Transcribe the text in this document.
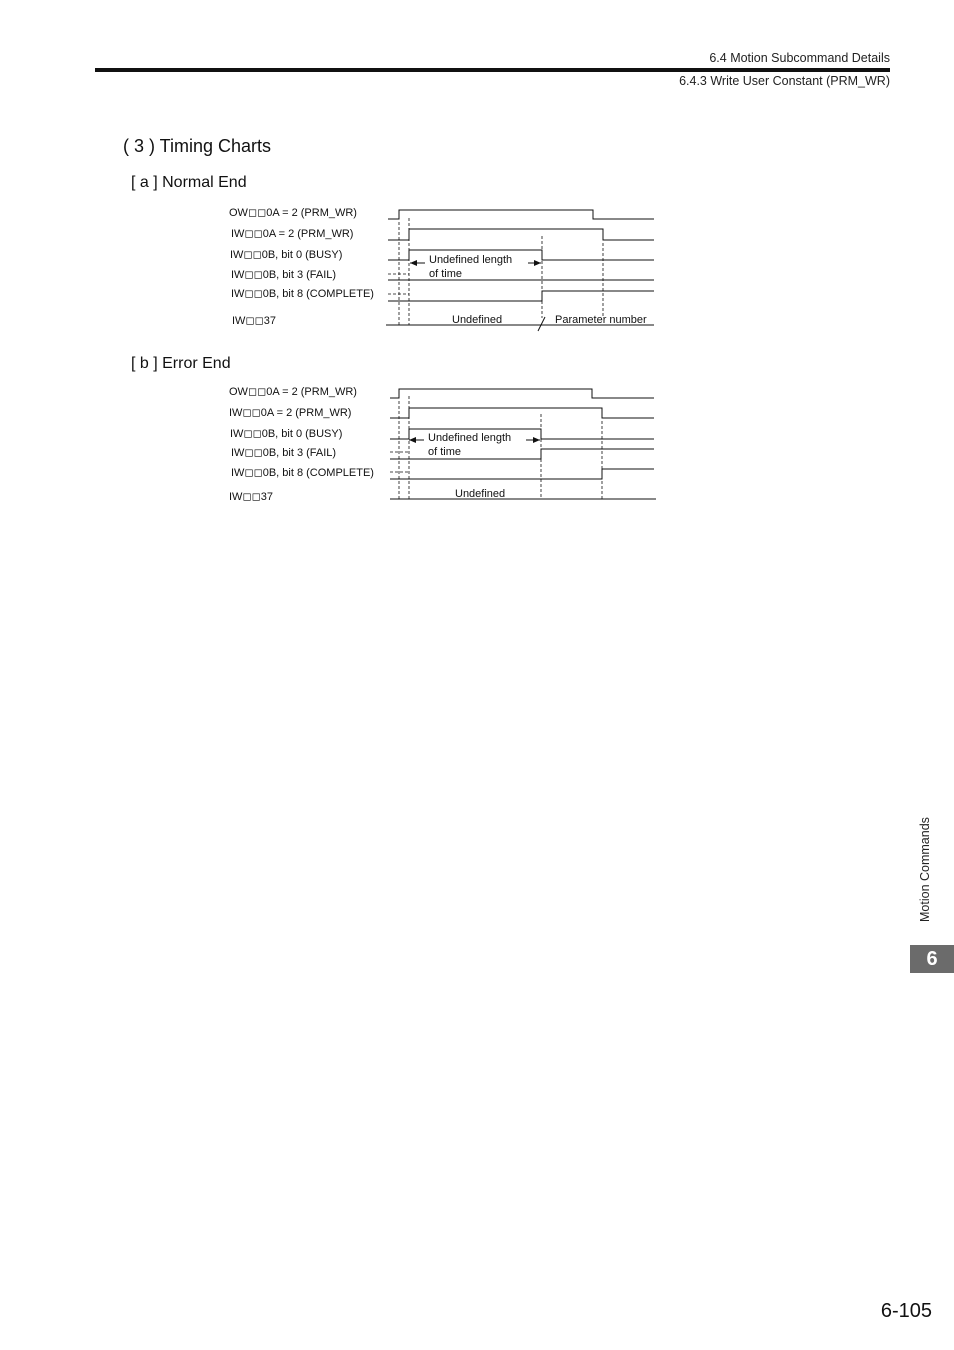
6.4 Motion Subcommand Details
6.4.3 Write User Constant (PRM_WR)
( 3 ) Timing Charts
[ a ] Normal End
OW◻◻0A = 2 (PRM_WR)
IW◻◻0A = 2 (PRM_WR)
IW◻◻0B, bit 0 (BUSY)
IW◻◻0B, bit 3 (FAIL)
IW◻◻0B, bit 8 (COMPLETE)
IW◻◻37
Undefined length
of time
Undefined	Parameter number
[ b ] Error End
OW◻◻0A = 2 (PRM_WR)
IW◻◻0A = 2 (PRM_WR)
IW◻◻0B, bit 0 (BUSY)
IW◻◻0B, bit 3 (FAIL)
IW◻◻0B, bit 8 (COMPLETE)
IW◻◻37
Undefined length
of time
Undefined
Motion Commands
6
6-105
